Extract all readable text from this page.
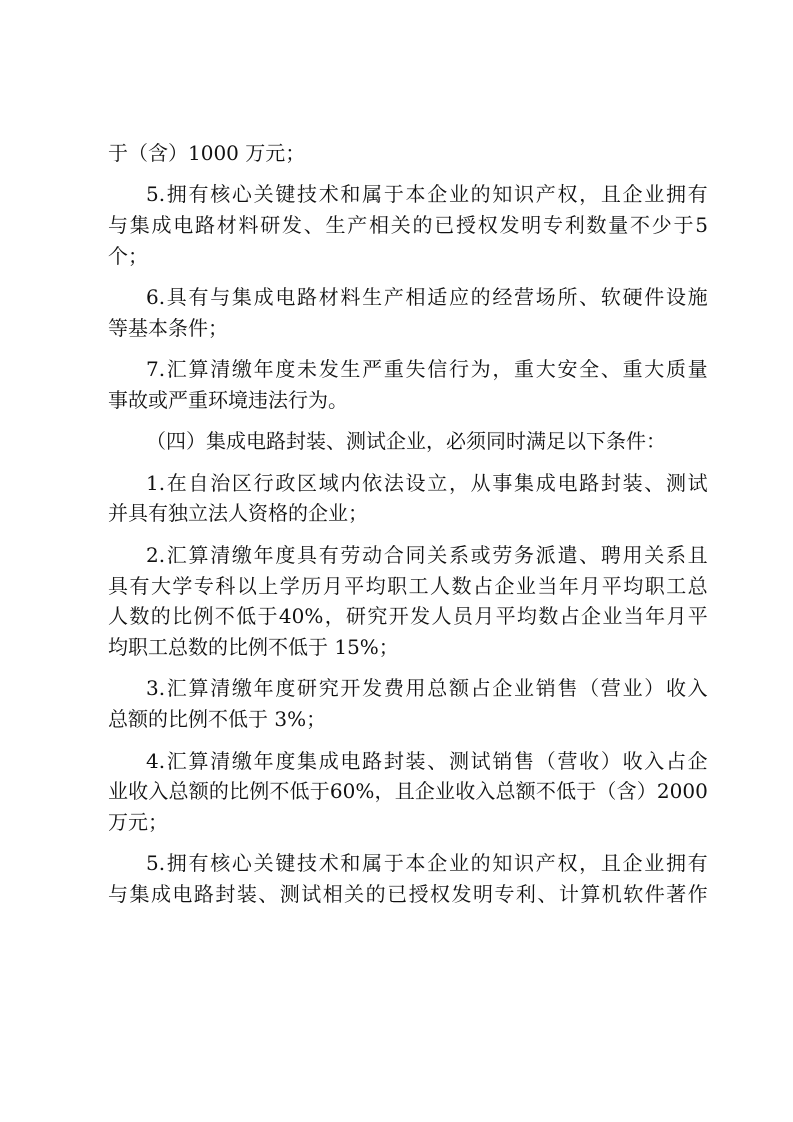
于（含）1000 万元；
5. 拥 有 核 心 关 键 技 术 和 属 于 本 企 业 的 知 识 产 权 ， 且 企 业 拥 有
与 集 成 电 路 材 料 研 发 、 生 产 相 关 的 已 授 权 发 明 专 利 数 量 不 少 于 5
个；
6. 具 有 与 集 成 电 路 材 料 生 产 相 适 应 的 经 营 场 所 、 软 硬 件 设 施
等基本条件；
7. 汇 算 清 缴 年 度 未 发 生 严 重 失 信 行 为 ， 重 大 安 全 、 重 大 质 量
事故或严重环境违法行为。
（四）集成电路封装、测试企业，必须同时满足以下条件：
1. 在 自 治 区 行 政 区 域 内 依 法 设 立 ， 从 事 集 成 电 路 封 装 、 测 试
并具有独立法人资格的企业；
2. 汇 算 清 缴 年 度 具 有 劳 动 合 同 关 系 或 劳 务 派 遣 、 聘 用 关 系 且
具 有 大 学 专 科 以 上 学 历 月 平 均 职 工 人 数 占 企 业 当 年 月 平 均 职 工 总
人 数 的 比 例 不 低 于 40% ， 研 究 开 发 人 员 月 平 均 数 占 企 业 当 年 月 平
均职工总数的比例不低于 15%；
3. 汇 算 清 缴 年 度 研 究 开 发 费 用 总 额 占 企 业 销 售 （ 营 业 ） 收 入
总额的比例不低于 3%；
4. 汇 算 清 缴 年 度 集 成 电 路 封 装 、 测 试 销 售 （ 营 收 ） 收 入 占 企
业 收 入 总 额 的 比 例 不 低 于 60% ， 且 企 业 收 入 总 额 不 低 于 （ 含 ） 2000
万元；
5. 拥 有 核 心 关 键 技 术 和 属 于 本 企 业 的 知 识 产 权 ， 且 企 业 拥 有
与 集 成 电 路 封 装 、 测 试 相 关 的 已 授 权 发 明 专 利 、 计 算 机 软 件 著 作
